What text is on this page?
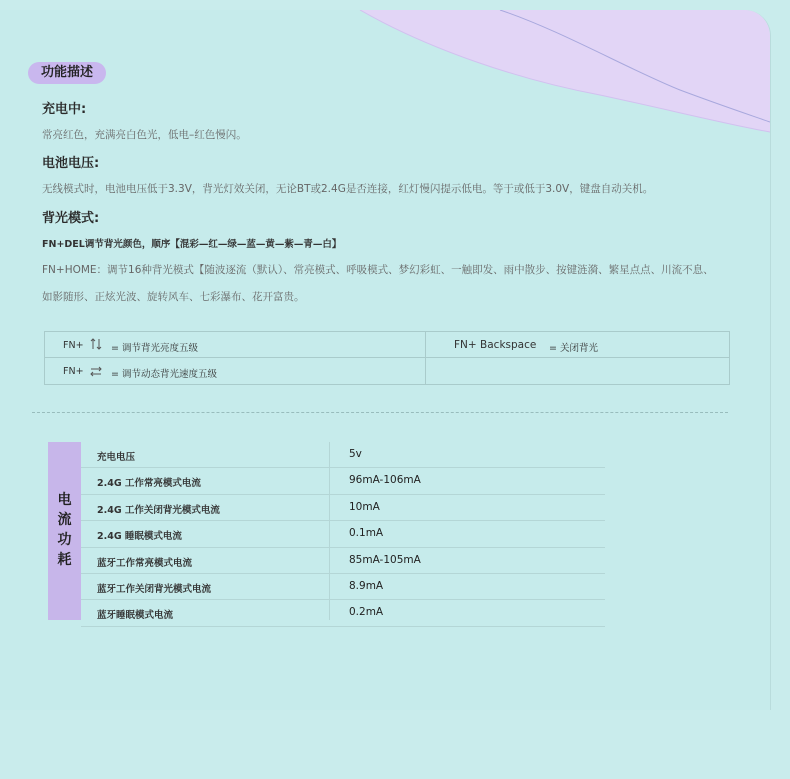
功能描述
充电中:
常亮红色，充满亮白色光，低电–红色慢闪。
电池电压:
无线模式时，电池电压低于3.3V，背光灯效关闭，无论BT或2.4G是否连接，红灯慢闪提示低电。等于或低于3.0V，键盘自动关机。
背光模式:
FN+DEL调节背光颜色，顺序【混彩—红—绿—蓝—黄—紫—青—白】
FN+HOME：调节16种背光模式【随波逐流（默认）、常亮模式、呼吸模式、梦幻彩虹、一触即发、雨中散步、按键涟漪、繁星点点、川流不息、
如影随形、正炫光波、旋转风车、七彩瀑布、花开富贵。
FN+	= 调节背光亮度五级
FN+	= 调节动态背光速度五级
FN+ Backspace = 关闭背光
电
流
功
耗
充电电压	5v
2.4G 工作常亮模式电流	96mA-106mA
2.4G 工作关闭背光模式电流	10mA
2.4G 睡眠模式电流	0.1mA
蓝牙工作常亮模式电流	85mA-105mA
蓝牙工作关闭背光模式电流	8.9mA
蓝牙睡眠模式电流	0.2mA
